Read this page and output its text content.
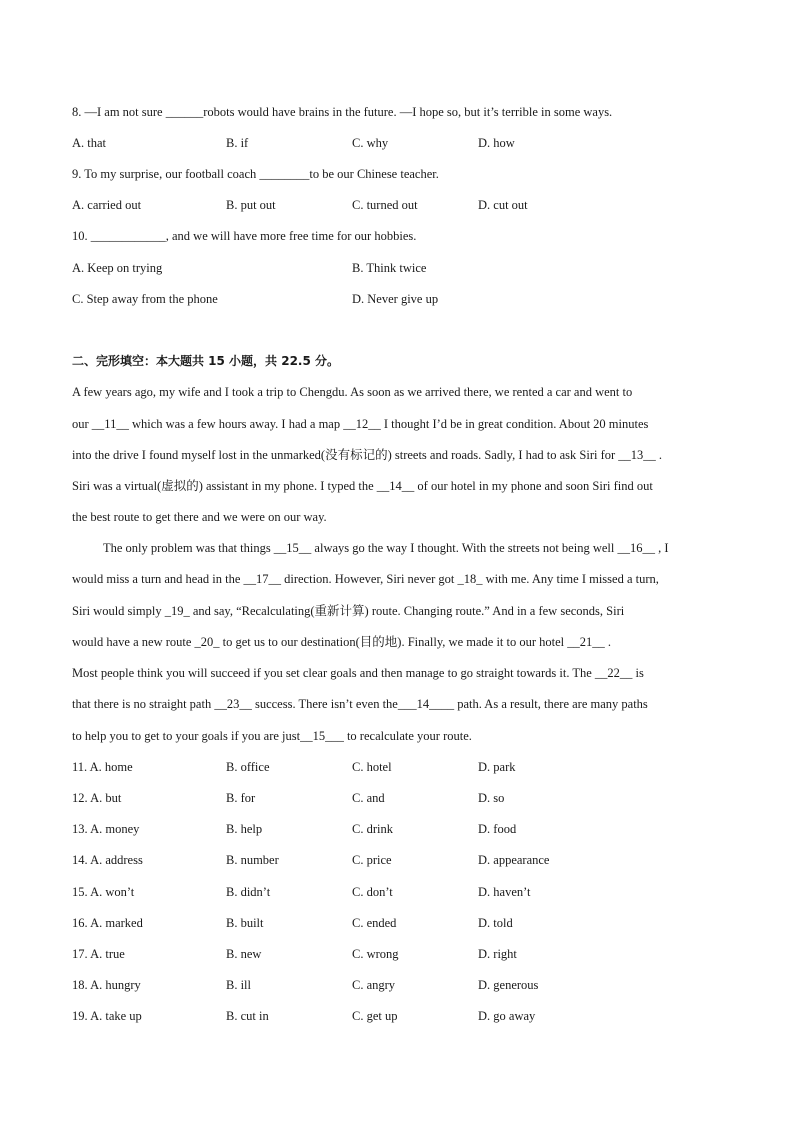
8. —I am not sure ______robots would have brains in the future. —I hope so, but it’s terrible in some ways.
A. that	B. if	C. why	D. how
9. To my surprise, our football coach ________to be our Chinese teacher.
A. carried out	B. put out	C. turned out	D. cut out
10. ____________, and we will have more free time for our hobbies.
A. Keep on trying	B. Think twice
C. Step away from the phone	D. Never give up
二、完形填空：本大题共 15 小题，共 22.5 分。
A few years ago, my wife and I took a trip to Chengdu. As soon as we arrived there, we rented a car and went to
our __11__ which was a few hours away. I had a map __12__ I thought I’d be in great condition. About 20 minutes
into the drive I found myself lost in the unmarked(没有标记的) streets and roads. Sadly, I had to ask Siri for __13__ .
Siri was a virtual(虚拟的) assistant in my phone. I typed the __14__ of our hotel in my phone and soon Siri find out
the best route to get there and we were on our way.
The only problem was that things __15__ always go the way I thought. With the streets not being well __16__ , I
would miss a turn and head in the __17__ direction. However, Siri never got _18_ with me. Any time I missed a turn,
Siri would simply _19_ and say, “Recalculating(重新计算) route. Changing route.” And in a few seconds, Siri
would have a new route _20_ to get us to our destination(目的地). Finally, we made it to our hotel __21__ .
Most people think you will succeed if you set clear goals and then manage to go straight towards it. The __22__ is
that there is no straight path __23__ success. There isn’t even the___14____ path. As a result, there are many paths
to help you to get to your goals if you are just__15___ to recalculate your route.
11. A. home	B. office	C. hotel	D. park
12. A. but	B. for	C. and	D. so
13. A. money	B. help	C. drink	D. food
14. A. address	B. number	C. price	D. appearance
15. A. won’t	B. didn’t	C. don’t	D. haven’t
16. A. marked	B. built	C. ended	D. told
17. A. true	B. new	C. wrong	D. right
18. A. hungry	B. ill	C. angry	D. generous
19. A. take up	B. cut in	C. get up	D. go away
